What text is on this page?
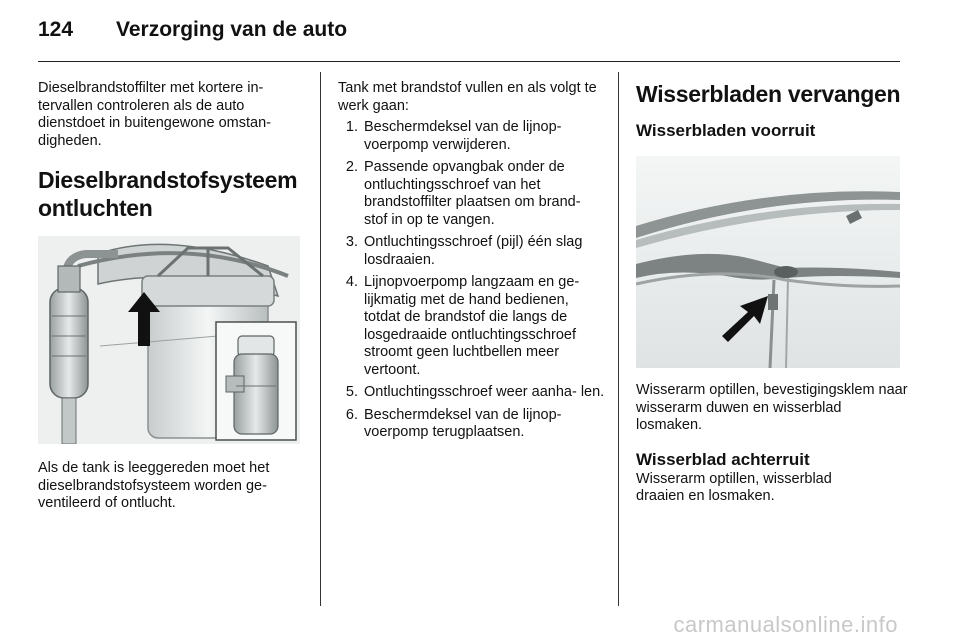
124	Verzorging van de auto

Dieselbrandstoffilter met kortere in- tervallen controleren als de auto dienstdoet in buitengewone omstan- digheden.

Dieselbrandstofsysteem ontluchten

Als de tank is leeggereden moet het dieselbrandstofsysteem worden ge- ventileerd of ontlucht.

Tank met brandstof vullen en als volgt te werk gaan:

1. Beschermdeksel van de lijnop- voerpomp verwijderen.
2. Passende opvangbak onder de ontluchtingsschroef van het brandstoffilter plaatsen om brand- stof in op te vangen.
3. Ontluchtingsschroef (pijl) één slag losdraaien.
4. Lijnopvoerpomp langzaam en ge- lijkmatig met de hand bedienen, totdat de brandstof die langs de losgedraaide ontluchtingsschroef stroomt geen luchtbellen meer vertoont.
5. Ontluchtingsschroef weer aanha- len.
6. Beschermdeksel van de lijnop- voerpomp terugplaatsen.
Wisserbladen vervangen
Wisserbladen voorruit

Wisserarm optillen, bevestigingsklem naar wisserarm duwen en wisserblad losmaken.

Wisserblad achterruit

Wisserarm optillen, wisserblad draaien en losmaken.

carmanualsonline.info
